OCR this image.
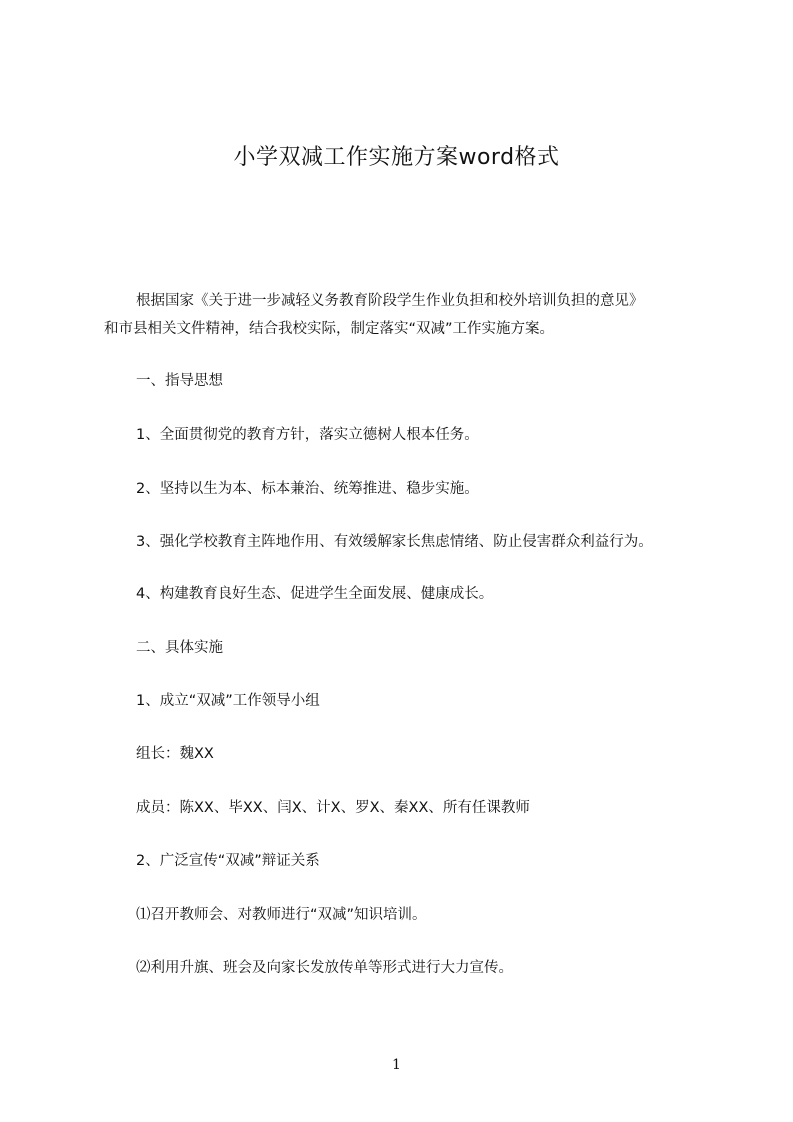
小学双减工作实施方案word格式
根据国家《关于进一步减轻义务教育阶段学生作业负担和校外培训负担的意见》
和市县相关文件精神，结合我校实际，制定落实“双减”工作实施方案。
一、指导思想
1、全面贯彻党的教育方针，落实立德树人根本任务。
2、坚持以生为本、标本兼治、统筹推进、稳步实施。
3、强化学校教育主阵地作用、有效缓解家长焦虑情绪、防止侵害群众利益行为。
4、构建教育良好生态、促进学生全面发展、健康成长。
二、具体实施
1、成立“双减”工作领导小组
组长：魏XX
成员：陈XX、毕XX、闫X、计X、罗X、秦XX、所有任课教师
2、广泛宣传“双减”辩证关系
⑴召开教师会、对教师进行“双减”知识培训。
⑵利用升旗、班会及向家长发放传单等形式进行大力宣传。
1
